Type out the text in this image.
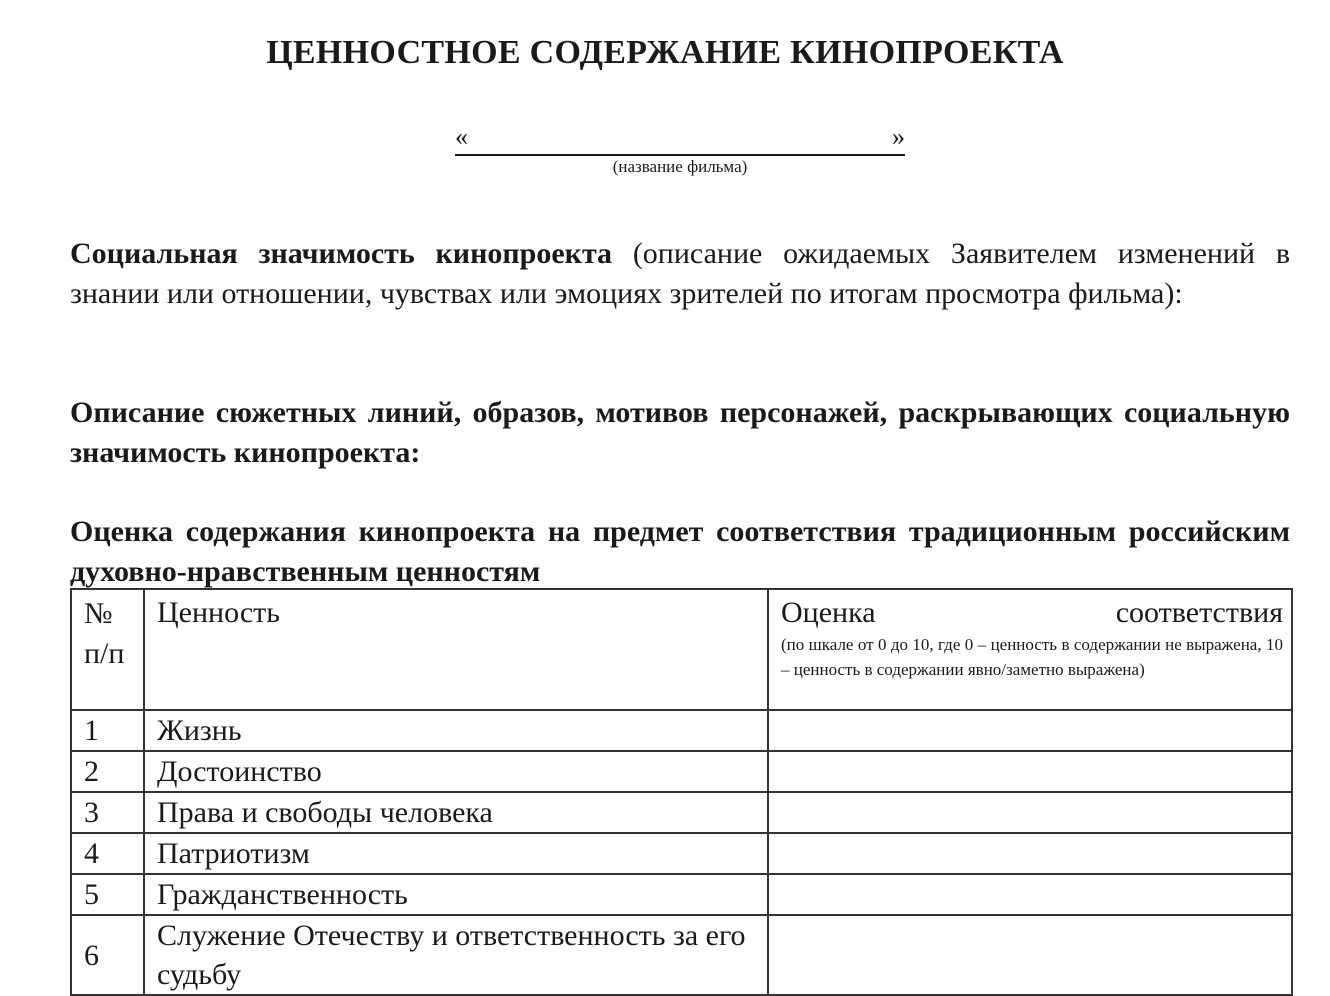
ЦЕННОСТНОЕ СОДЕРЖАНИЕ КИНОПРОЕКТА
«	»
(название фильма)
Социальная значимость кинопроекта (описание ожидаемых Заявителем изменений в знании или отношении, чувствах или эмоциях зрителей по итогам просмотра фильма):
Описание сюжетных линий, образов, мотивов персонажей, раскрывающих социальную значимость кинопроекта:
Оценка содержания кинопроекта на предмет соответствия традиционным российским духовно-нравственным ценностям
№ п/п	Ценность	Оценка соответствия
(по шкале от 0 до 10, где 0 – ценность в содержании не выражена, 10 – ценность в содержании явно/заметно выражена)

1	Жизнь	
2	Достоинство	
3	Права и свободы человека	
4	Патриотизм	
5	Гражданственность	
6	Служение Отечеству и ответственность за его судьбу	
